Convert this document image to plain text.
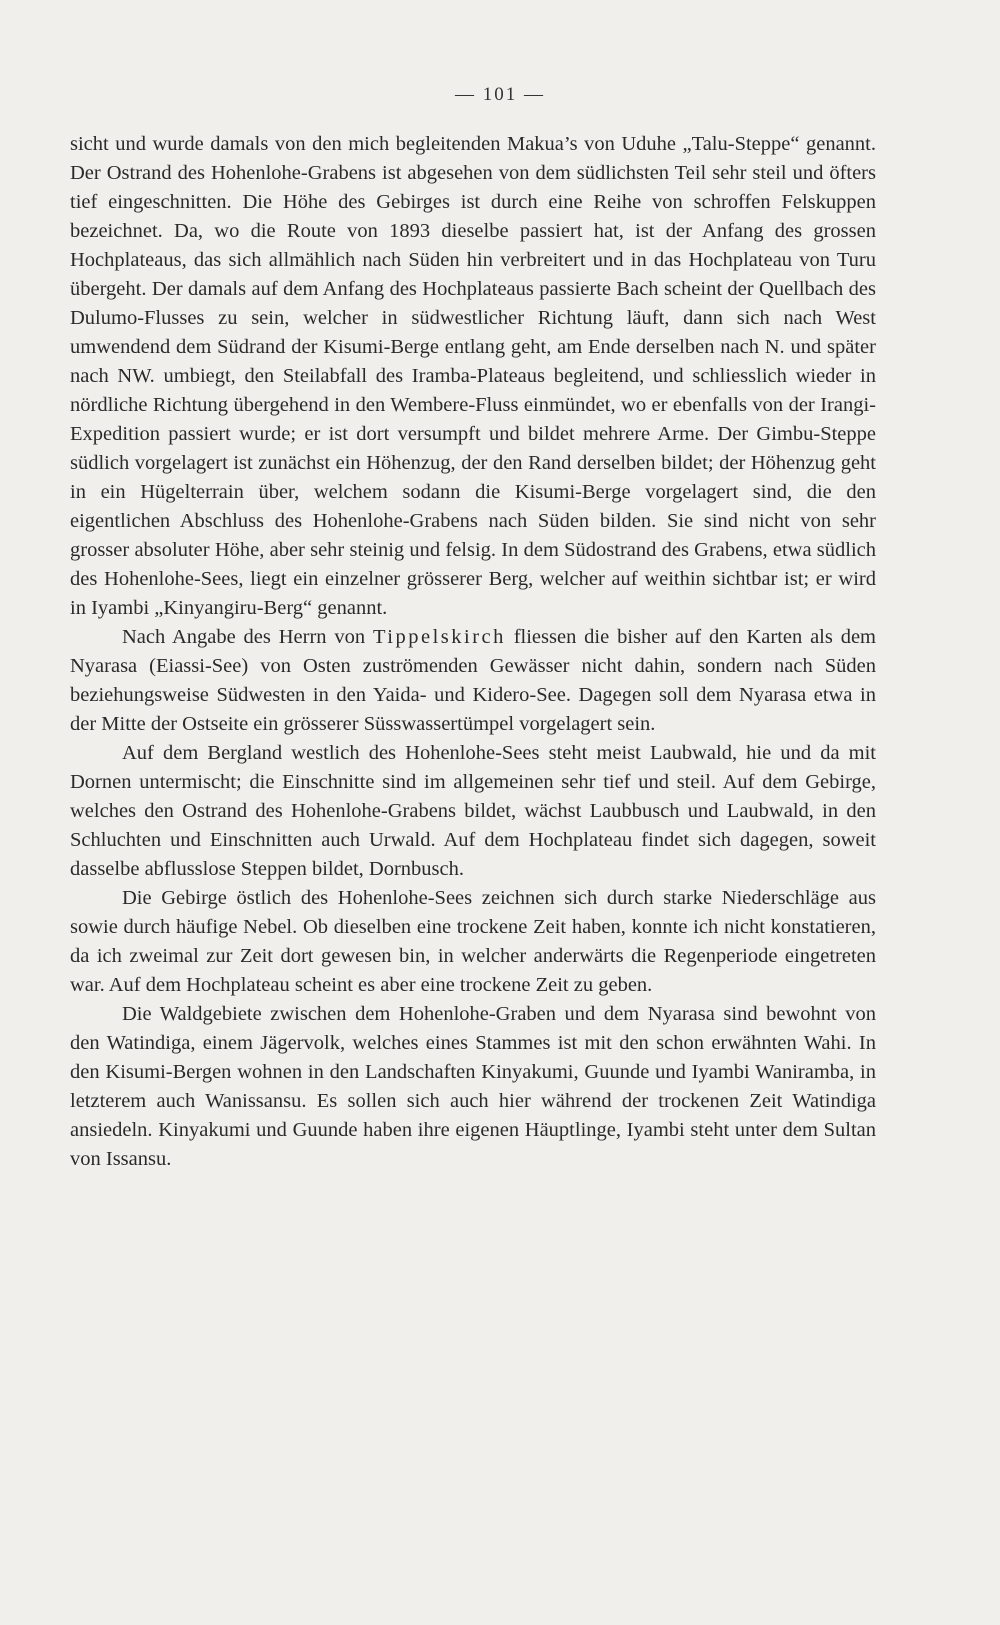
— 101 —

sicht und wurde damals von den mich begleitenden Makua’s von Uduhe „Talu-Steppe“ genannt. Der Ostrand des Hohenlohe-Grabens ist abgesehen von dem südlichsten Teil sehr steil und öfters tief eingeschnitten. Die Höhe des Gebirges ist durch eine Reihe von schroffen Felskuppen bezeichnet. Da, wo die Route von 1893 dieselbe passiert hat, ist der Anfang des grossen Hochplateaus, das sich allmählich nach Süden hin verbreitert und in das Hochplateau von Turu übergeht. Der damals auf dem Anfang des Hochplateaus passierte Bach scheint der Quellbach des Dulumo-Flusses zu sein, welcher in südwestlicher Richtung läuft, dann sich nach West umwendend dem Südrand der Kisumi-Berge entlang geht, am Ende derselben nach N. und später nach NW. umbiegt, den Steilabfall des Iramba-Plateaus begleitend, und schliesslich wieder in nördliche Richtung übergehend in den Wembere-Fluss einmündet, wo er ebenfalls von der Irangi-Expedition passiert wurde; er ist dort versumpft und bildet mehrere Arme. Der Gimbu-Steppe südlich vorgelagert ist zunächst ein Höhenzug, der den Rand derselben bildet; der Höhenzug geht in ein Hügelterrain über, welchem sodann die Kisumi-Berge vorgelagert sind, die den eigentlichen Abschluss des Hohenlohe-Grabens nach Süden bilden. Sie sind nicht von sehr grosser absoluter Höhe, aber sehr steinig und felsig. In dem Südostrand des Grabens, etwa südlich des Hohenlohe-Sees, liegt ein einzelner grösserer Berg, welcher auf weithin sichtbar ist; er wird in Iyambi „Kinyangiru-Berg“ genannt.

Nach Angabe des Herrn von Tippelskirch fliessen die bisher auf den Karten als dem Nyarasa (Eiassi-See) von Osten zuströmenden Gewässer nicht dahin, sondern nach Süden beziehungsweise Südwesten in den Yaida- und Kidero-See. Dagegen soll dem Nyarasa etwa in der Mitte der Ostseite ein grösserer Süsswassertümpel vorgelagert sein.

Auf dem Bergland westlich des Hohenlohe-Sees steht meist Laubwald, hie und da mit Dornen untermischt; die Einschnitte sind im allgemeinen sehr tief und steil. Auf dem Gebirge, welches den Ostrand des Hohenlohe-Grabens bildet, wächst Laubbusch und Laubwald, in den Schluchten und Einschnitten auch Urwald. Auf dem Hochplateau findet sich dagegen, soweit dasselbe abflusslose Steppen bildet, Dornbusch.

Die Gebirge östlich des Hohenlohe-Sees zeichnen sich durch starke Niederschläge aus sowie durch häufige Nebel. Ob dieselben eine trockene Zeit haben, konnte ich nicht konstatieren, da ich zweimal zur Zeit dort gewesen bin, in welcher anderwärts die Regenperiode eingetreten war. Auf dem Hochplateau scheint es aber eine trockene Zeit zu geben.

Die Waldgebiete zwischen dem Hohenlohe-Graben und dem Nyarasa sind bewohnt von den Watindiga, einem Jägervolk, welches eines Stammes ist mit den schon erwähnten Wahi. In den Kisumi-Bergen wohnen in den Landschaften Kinyakumi, Guunde und Iyambi Waniramba, in letzterem auch Wanissansu. Es sollen sich auch hier während der trockenen Zeit Watindiga ansiedeln. Kinyakumi und Guunde haben ihre eigenen Häuptlinge, Iyambi steht unter dem Sultan von Issansu.
